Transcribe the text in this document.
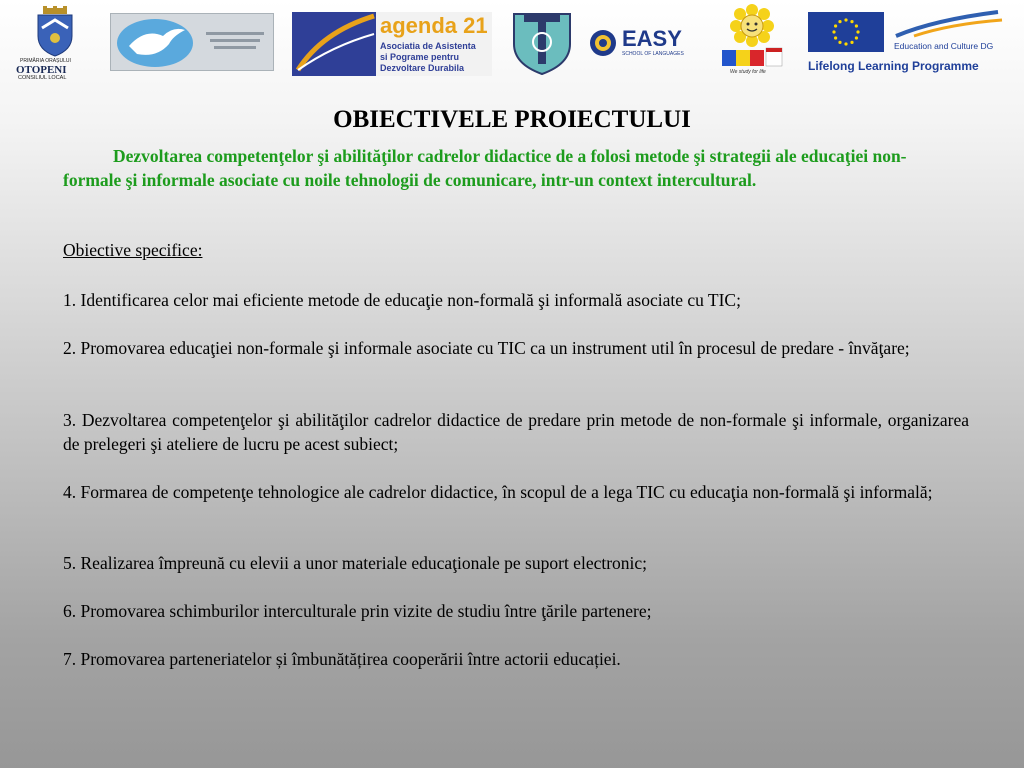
PRIMĂRIA ORAȘULUI
OTOPENI
CONSILIUL LOCAL
agenda 21
Asociatia de Asistenta
si Pograme pentru
Dezvoltare Durabila
EASY
SCHOOL OF LANGUAGES
We study for life
Education and Culture DG
Lifelong Learning Programme
OBIECTIVELE PROIECTULUI
Dezvoltarea competenţelor şi abilităţilor cadrelor didactice de a folosi metode şi strategii ale educaţiei non-formale şi informale asociate cu noile tehnologii de comunicare, intr-un context intercultural.
Obiective specifice:
1. Identificarea celor mai eficiente metode de educaţie non-formală şi informală asociate cu TIC;
2. Promovarea educaţiei non-formale şi informale asociate cu TIC ca un instrument util în procesul de predare - învăţare;
3. Dezvoltarea competenţelor şi abilităţilor cadrelor didactice de predare prin metode de non-formale şi informale, organizarea de prelegeri şi ateliere de lucru pe acest subiect;
4. Formarea de competenţe tehnologice ale cadrelor didactice, în scopul de a lega TIC cu educaţia non-formală şi informală;
5. Realizarea împreună cu elevii a unor materiale educaţionale pe suport electronic;
6. Promovarea schimburilor interculturale prin vizite de studiu între ţările partenere;
7. Promovarea parteneriatelor și îmbunătățirea cooperării între actorii educației.
